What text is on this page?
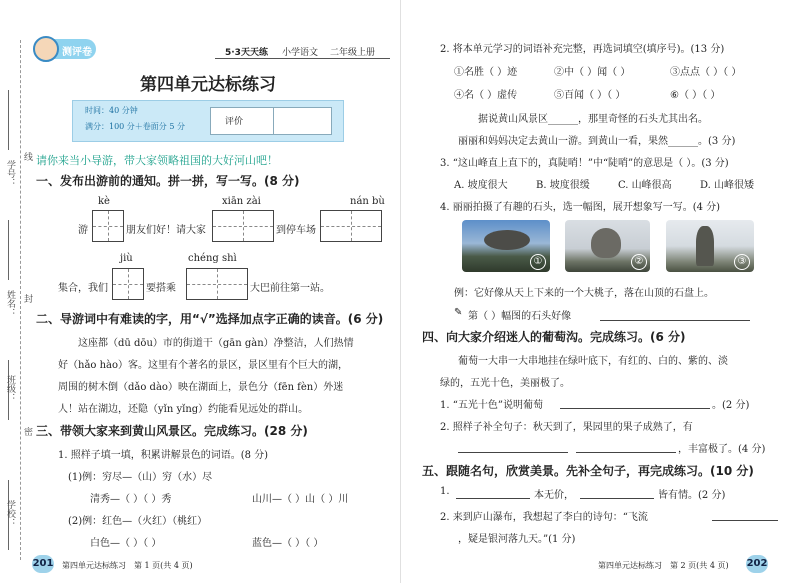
学号：
姓名：
班级：
学校：
线
封
密
测评卷	5·3天天练 小学语文 二年级上册
第四单元达标练习
时间：40 分钟
满分：100 分＋卷面分 5 分	评价
请你来当小导游，带大家领略祖国的大好河山吧！
一、发布出游前的通知。拼一拼，写一写。(8 分)
kè	xiān zài	nán bù
游	朋友们好！请大家	到停车场
jiù	chéng shì
集合，我们	要搭乘	大巴前往第一站。
二、导游词中有难读的字，用“√”选择加点字正确的读音。(6 分)
这座都（dū dōu）市的街道干（gān gàn）净整洁，人们热情
好（hǎo hào）客。这里有个著名的景区，景区里有个巨大的湖，
周围的树木倒（dǎo dào）映在湖面上，景色分（fēn fèn）外迷
人！站在湖边，还隐（yǐn yǐng）约能看见远处的群山。
三、带领大家来到黄山风景区。完成练习。(28 分)
1. 照样子填一填，积累讲解景色的词语。(8 分)
(1)例：穷尽—（山）穷（水）尽
清秀—（ ）（ ）秀	山川—（ ）山（ ）川
(2)例：红色—（火红）（桃红）
白色—（ ）（ ）	蓝色—（ ）（ ）
201 第四单元达标练习　第 1 页(共 4 页)
2. 将本单元学习的词语补充完整，再选词填空(填序号)。(13 分)
①名胜（ ）迹	②中（ ）闻（ ）	③点点（ ）（ ）
④名（ ）虚传	⑤百闻（ ）（ ）	⑥（ ）（ ）
据说黄山风景区______，那里奇怪的石头尤其出名。
丽丽和妈妈决定去黄山一游。到黄山一看，果然______。(3 分)
3. “这山峰直上直下的，真陡哨！”中“陡哨”的意思是（ ）。(3 分)
A. 坡度很大	B. 坡度很缓	C. 山峰很高	D. 山峰很矮
4. 丽丽拍摄了有趣的石头，选一幅图，展开想象写一写。(4 分)
①	②	③
例：它好像从天上下来的一个大桃子，落在山顶的石盘上。
✎ 第（ ）幅图的石头好像
四、向大家介绍迷人的葡萄沟。完成练习。(6 分)
葡萄一大串一大串地挂在绿叶底下，有红的、白的、紫的、淡
绿的，五光十色，美丽极了。
1. “五光十色”说明葡萄	。(2 分)
2. 照样子补全句子：秋天到了，果园里的果子成熟了，有
，丰富极了。(4 分)
五、跟随名句，欣赏美景。先补全句子，再完成练习。(10 分)
1.	本无价，	皆有情。(2 分)
2. 来到庐山瀑布，我想起了李白的诗句：“飞流
，疑是银河落九天。”(1 分)
第四单元达标练习　第 2 页(共 4 页) 202
